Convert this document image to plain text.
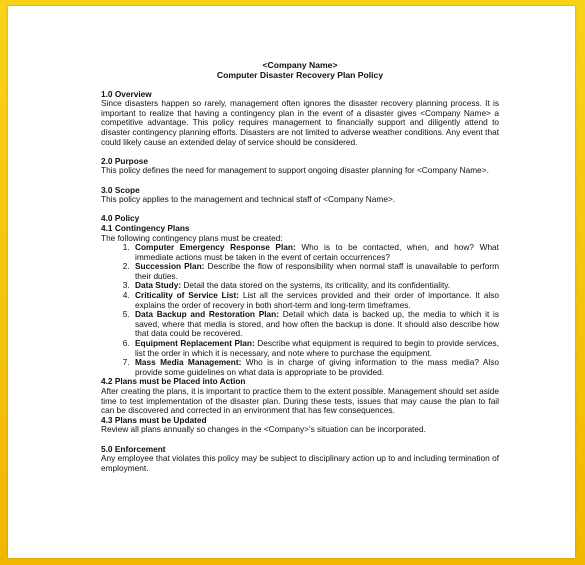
<Company Name>
Computer Disaster Recovery Plan Policy
1.0 Overview

Since disasters happen so rarely, management often ignores the disaster recovery planning process. It is important to realize that having a contingency plan in the event of a disaster gives <Company Name> a competitive advantage. This policy requires management to financially support and diligently attend to disaster contingency planning efforts. Disasters are not limited to adverse weather conditions. Any event that could likely cause an extended delay of service should be considered.

2.0 Purpose

This policy defines the need for management to support ongoing disaster planning for <Company Name>.

3.0 Scope

This policy applies to the management and technical staff of <Company Name>.

4.0 Policy
4.1 Contingency Plans

The following contingency plans must be created:

1. Computer Emergency Response Plan: Who is to be contacted, when, and how? What immediate actions must be taken in the event of certain occurrences?
2. Succession Plan: Describe the flow of responsibility when normal staff is unavailable to perform their duties.
3. Data Study: Detail the data stored on the systems, its criticality, and its confidentiality.
4. Criticality of Service List: List all the services provided and their order of importance. It also explains the order of recovery in both short-term and long-term timeframes.
5. Data Backup and Restoration Plan: Detail which data is backed up, the media to which it is saved, where that media is stored, and how often the backup is done. It should also describe how that data could be recovered.
6. Equipment Replacement Plan: Describe what equipment is required to begin to provide services, list the order in which it is necessary, and note where to purchase the equipment.
7. Mass Media Management: Who is in charge of giving information to the mass media? Also provide some guidelines on what data is appropriate to be provided.
4.2 Plans must be Placed into Action

After creating the plans, it is important to practice them to the extent possible. Management should set aside time to test implementation of the disaster plan. During these tests, issues that may cause the plan to fail can be discovered and corrected in an environment that has few consequences.

4.3 Plans must be Updated

Review all plans annually so changes in the <Company>'s situation can be incorporated.

5.0 Enforcement

Any employee that violates this policy may be subject to disciplinary action up to and including termination of employment.
